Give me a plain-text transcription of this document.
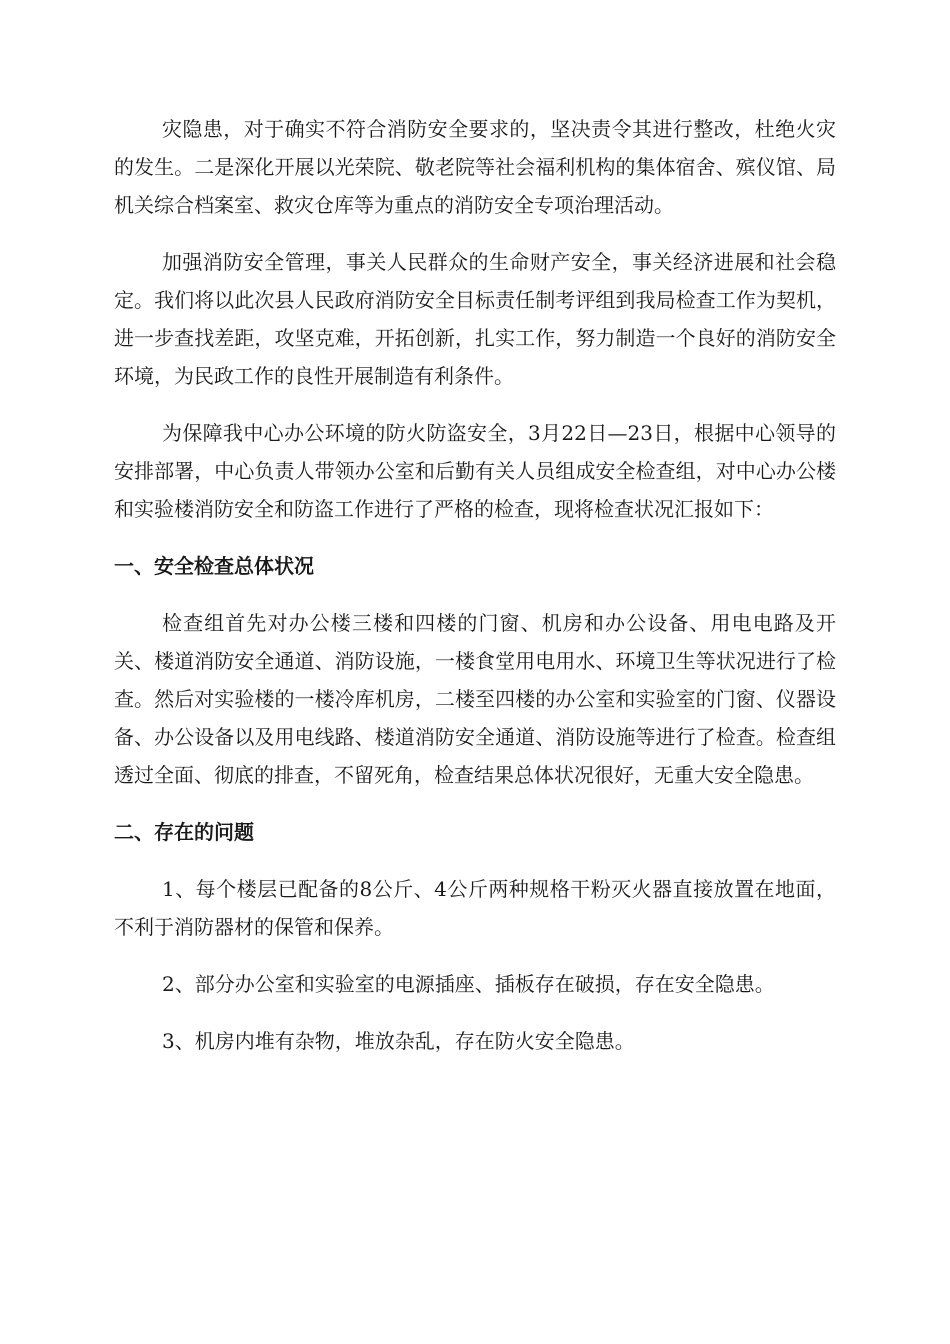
灾隐患，对于确实不符合消防安全要求的，坚决责令其进行整改，杜绝火灾的发生。二是深化开展以光荣院、敬老院等社会福利机构的集体宿舍、殡仪馆、局机关综合档案室、救灾仓库等为重点的消防安全专项治理活动。

加强消防安全管理，事关人民群众的生命财产安全，事关经济进展和社会稳定。我们将以此次县人民政府消防安全目标责任制考评组到我局检查工作为契机，进一步查找差距，攻坚克难，开拓创新，扎实工作，努力制造一个良好的消防安全环境，为民政工作的良性开展制造有利条件。

为保障我中心办公环境的防火防盗安全，3月22日—23日，根据中心领导的安排部署，中心负责人带领办公室和后勤有关人员组成安全检查组，对中心办公楼和实验楼消防安全和防盗工作进行了严格的检查，现将检查状况汇报如下：

一、安全检查总体状况

检查组首先对办公楼三楼和四楼的门窗、机房和办公设备、用电电路及开关、楼道消防安全通道、消防设施，一楼食堂用电用水、环境卫生等状况进行了检查。然后对实验楼的一楼冷库机房，二楼至四楼的办公室和实验室的门窗、仪器设备、办公设备以及用电线路、楼道消防安全通道、消防设施等进行了检查。检查组透过全面、彻底的排查，不留死角，检查结果总体状况很好，无重大安全隐患。

二、存在的问题

1、每个楼层已配备的8公斤、4公斤两种规格干粉灭火器直接放置在地面，不利于消防器材的保管和保养。

2、部分办公室和实验室的电源插座、插板存在破损，存在安全隐患。

3、机房内堆有杂物，堆放杂乱，存在防火安全隐患。
